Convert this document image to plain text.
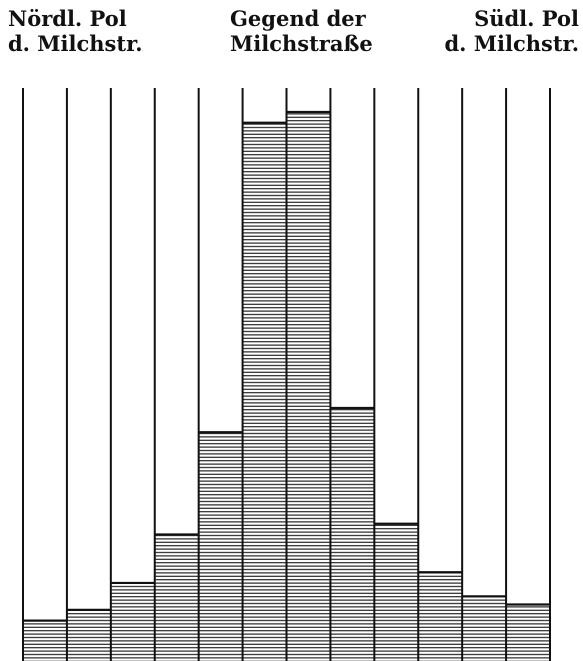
Nördl. Pol
d. Milchstr.
Gegend der
Milchstraße
Südl. Pol
d. Milchstr.
